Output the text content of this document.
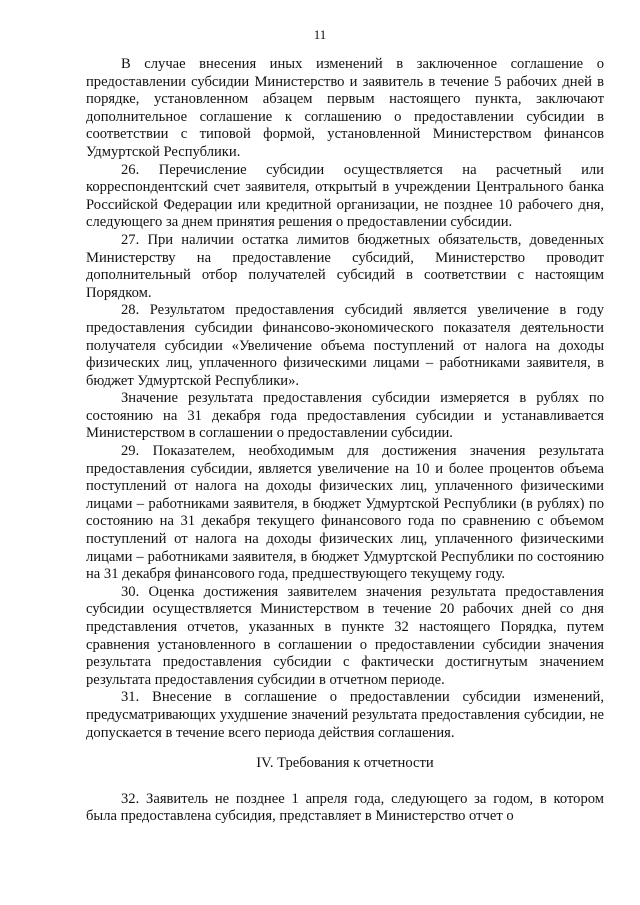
11

В случае внесения иных изменений в заключенное соглашение о предоставлении субсидии Министерство и заявитель в течение 5 рабочих дней в порядке, установленном абзацем первым настоящего пункта, заключают дополнительное соглашение к соглашению о предоставлении субсидии в соответствии с типовой формой, установленной Министерством финансов Удмуртской Республики.

26. Перечисление субсидии осуществляется на расчетный или корреспондентский счет заявителя, открытый в учреждении Центрального банка Российской Федерации или кредитной организации, не позднее 10 рабочего дня, следующего за днем принятия решения о предоставлении субсидии.

27. При наличии остатка лимитов бюджетных обязательств, доведенных Министерству на предоставление субсидий, Министерство проводит дополнительный отбор получателей субсидий в соответствии с настоящим Порядком.

28. Результатом предоставления субсидий является увеличение в году предоставления субсидии финансово-экономического показателя деятельности получателя субсидии «Увеличение объема поступлений от налога на доходы физических лиц, уплаченного физическими лицами – работниками заявителя, в бюджет Удмуртской Республики».

Значение результата предоставления субсидии измеряется в рублях по состоянию на 31 декабря года предоставления субсидии и устанавливается Министерством в соглашении о предоставлении субсидии.

29. Показателем, необходимым для достижения значения результата предоставления субсидии, является увеличение на 10 и более процентов объема поступлений от налога на доходы физических лиц, уплаченного физическими лицами – работниками заявителя, в бюджет Удмуртской Республики (в рублях) по состоянию на 31 декабря текущего финансового года по сравнению с объемом поступлений от налога на доходы физических лиц, уплаченного физическими лицами – работниками заявителя, в бюджет Удмуртской Республики по состоянию на 31 декабря финансового года, предшествующего текущему году.

30. Оценка достижения заявителем значения результата предоставления субсидии осуществляется Министерством в течение 20 рабочих дней со дня представления отчетов, указанных в пункте 32 настоящего Порядка, путем сравнения установленного в соглашении о предоставлении субсидии значения результата предоставления субсидии с фактически достигнутым значением результата предоставления субсидии в отчетном периоде.

31. Внесение в соглашение о предоставлении субсидии изменений, предусматривающих ухудшение значений результата предоставления субсидии, не допускается в течение всего периода действия соглашения.

IV. Требования к отчетности

32. Заявитель не позднее 1 апреля года, следующего за годом, в котором была предоставлена субсидия, представляет в Министерство отчет о
